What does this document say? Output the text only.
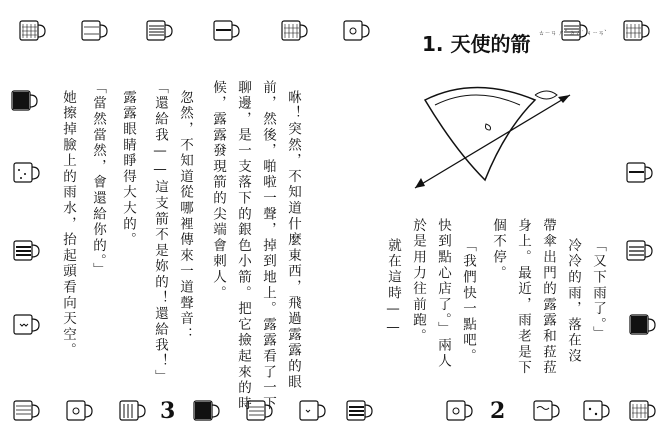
3	2
1. 天使的箭 $^{ㄊㄧㄢ ㄕˇ ㄉㄜ˙ ㄐㄧㄢˋ}$
「又下雨了。」
冷冷的雨，落在沒
帶傘出門的露露和菈菈
身上。最近，雨老是下
個不停。
「我們快一點吧。
快到點心店了。」兩人
於是用力往前跑。
就在這時——
咻！突然，不知道什麼東西，飛過露露的眼
前，然後，啪啦一聲，掉到地上。露露看了一下
聊邊，是一支落下的銀色小箭。把它撿起來的時
候，露露發現箭的尖端會刺人。
忽然，不知道從哪裡傳來一道聲音：
「還給我——這支箭不是妳的！還給我！」
露露眼睛睜得大大的。
「當然當然，會還給你的。」
她擦掉臉上的雨水，抬起頭看向天空。
